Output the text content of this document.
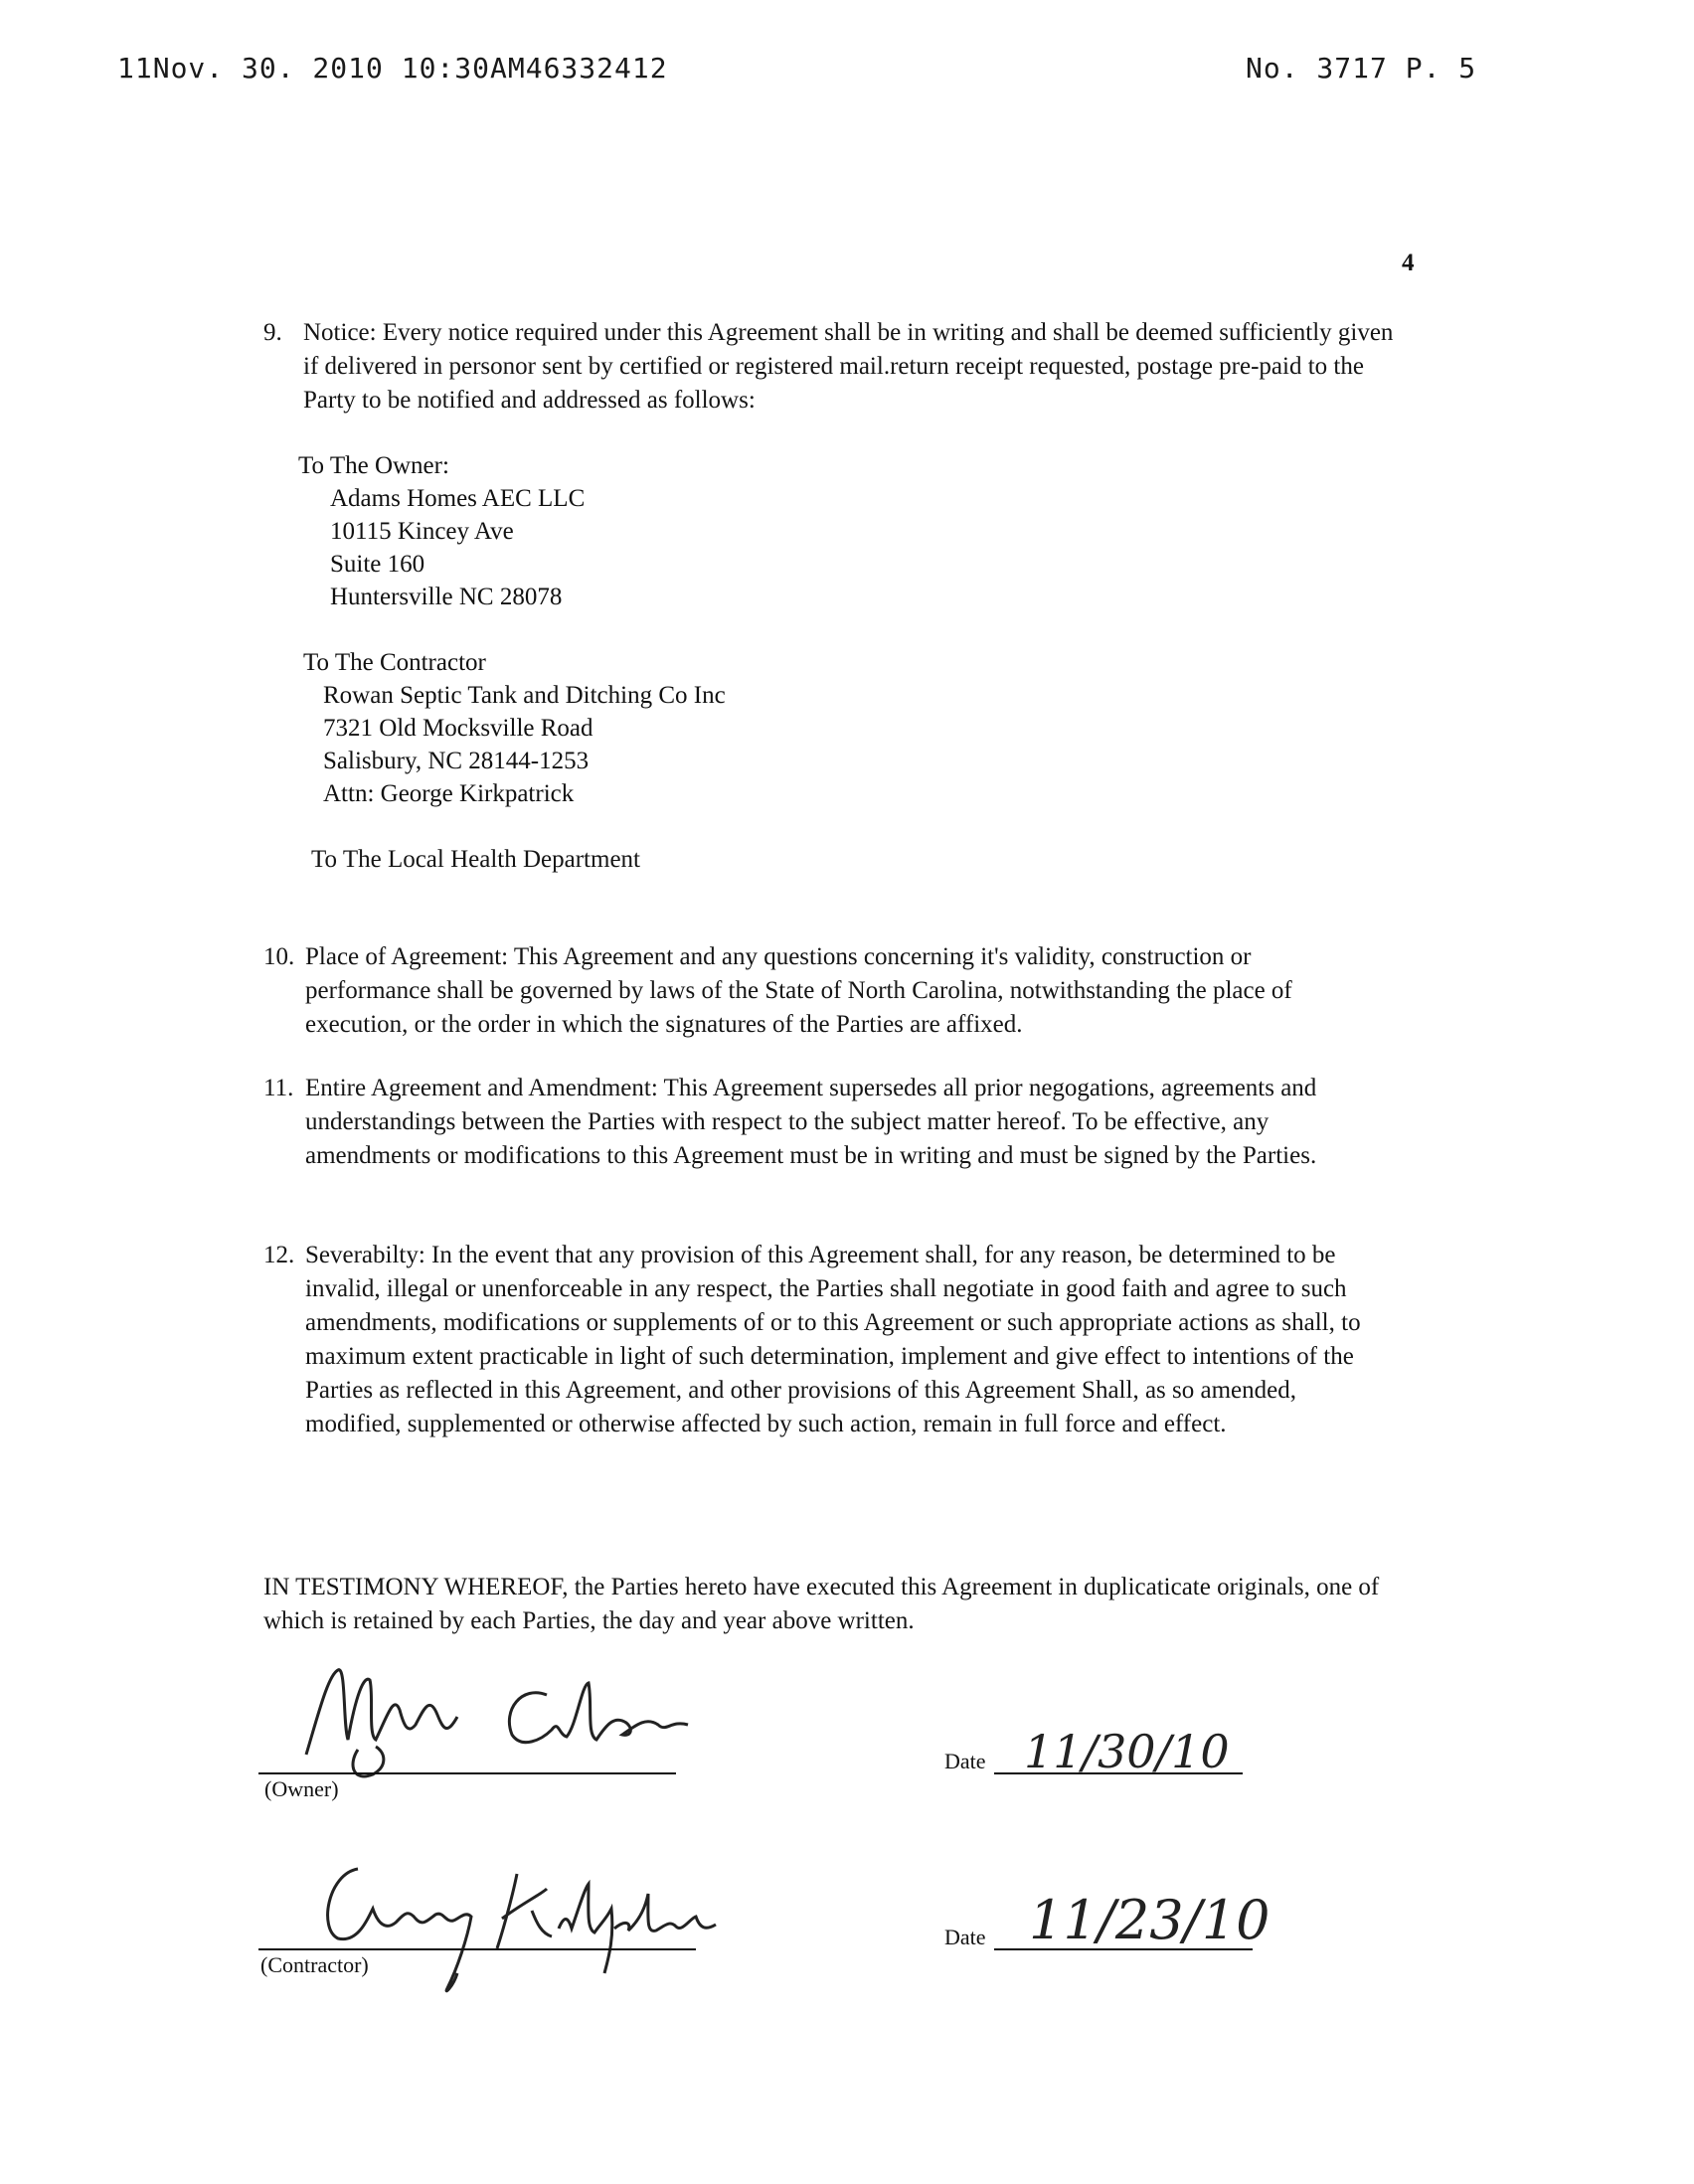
11Nov. 30. 2010 10:30AM46332412	No. 3717 P. 5
4
9. Notice: Every notice required under this Agreement shall be in writing and shall be deemed sufficiently given if delivered in personor sent by certified or registered mail.return receipt requested, postage pre-paid to the Party to be notified and addressed as follows:
To The Owner:
Adams Homes AEC LLC
10115 Kincey Ave
Suite 160
Huntersville NC 28078
To The Contractor
Rowan Septic Tank and Ditching Co Inc
7321 Old Mocksville Road
Salisbury, NC 28144-1253
Attn: George Kirkpatrick
To The Local Health Department
10. Place of Agreement: This Agreement and any questions concerning it's validity, construction or performance shall be governed by laws of the State of North Carolina, notwithstanding the place of execution, or the order in which the signatures of the Parties are affixed.
11. Entire Agreement and Amendment: This Agreement supersedes all prior negogations, agreements and understandings between the Parties with respect to the subject matter hereof. To be effective, any amendments or modifications to this Agreement must be in writing and must be signed by the Parties.
12. Severabilty: In the event that any provision of this Agreement shall, for any reason, be determined to be invalid, illegal or unenforceable in any respect, the Parties shall negotiate in good faith and agree to such amendments, modifications or supplements of or to this Agreement or such appropriate actions as shall, to maximum extent practicable in light of such determination, implement and give effect to intentions of the Parties as reflected in this Agreement, and other provisions of this Agreement Shall, as so amended, modified, supplemented or otherwise affected by such action, remain in full force and effect.
IN TESTIMONY WHEREOF, the Parties hereto have executed this Agreement in duplicaticate originals, one of which is retained by each Parties, the day and year above written.
(Owner)
Date 11/30/10
(Contractor)
Date 11/23/10
